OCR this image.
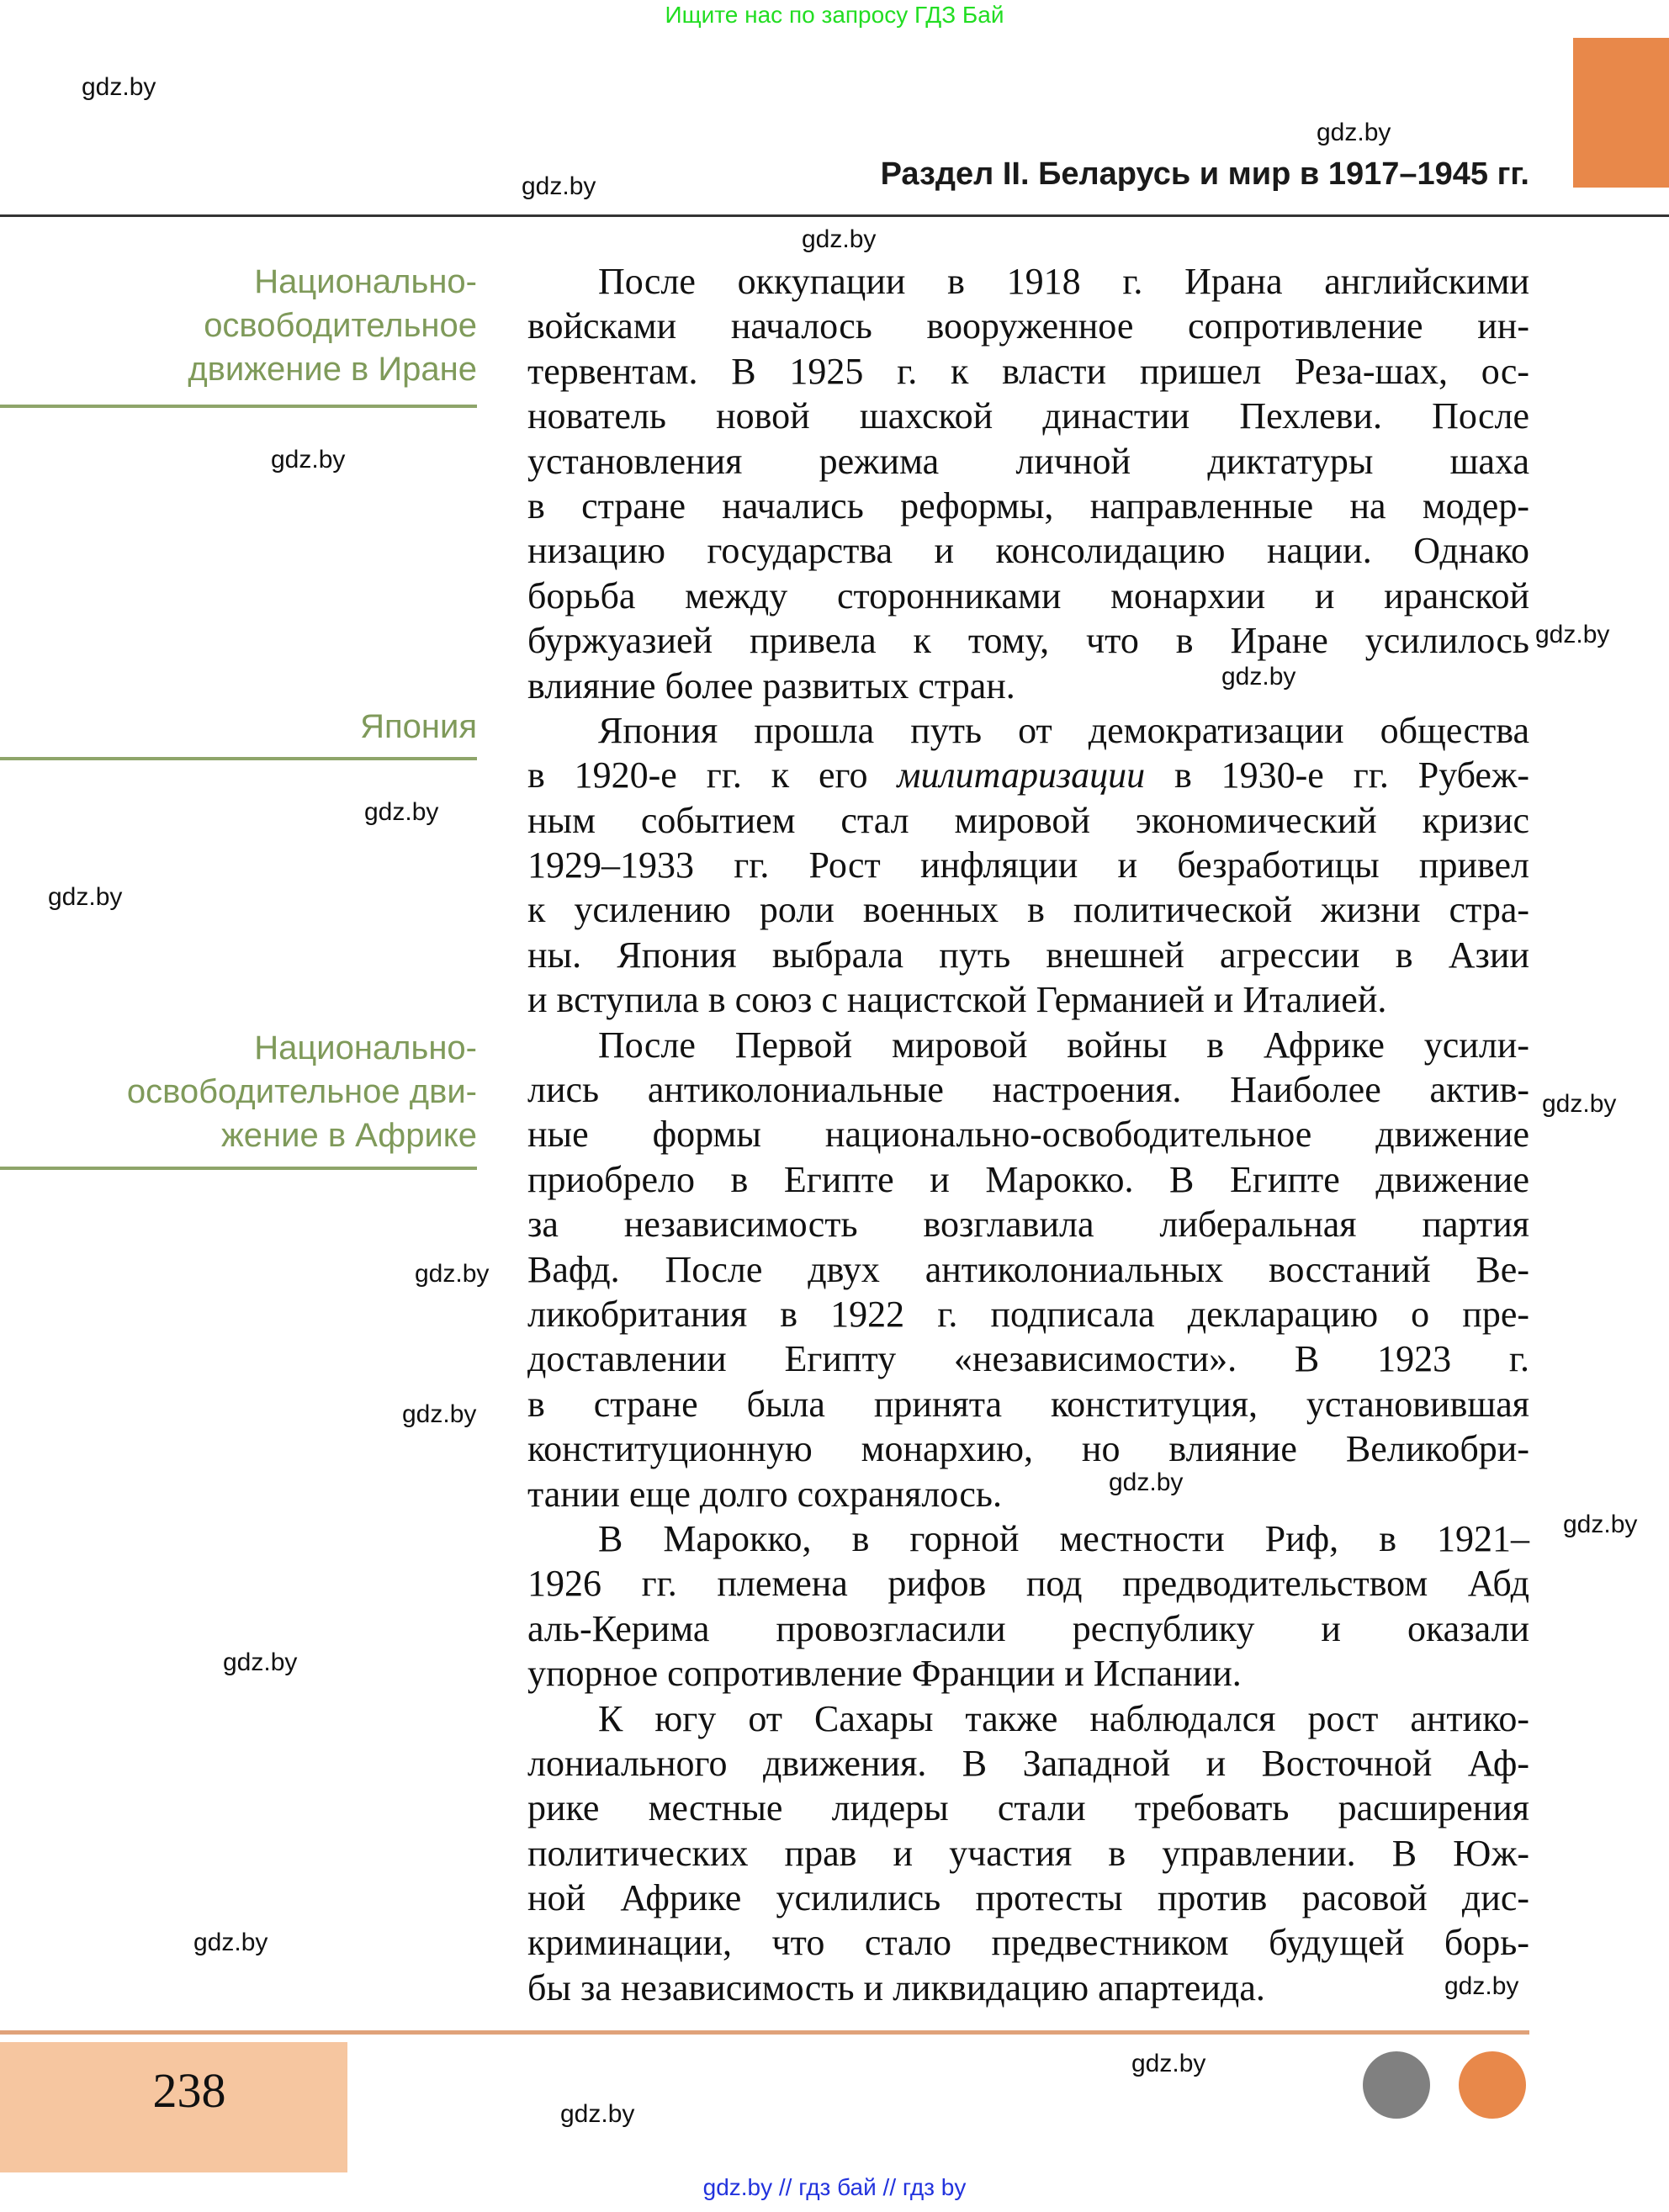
Ищите нас по запросу ГДЗ Бай
Раздел II. Беларусь и мир в 1917–1945 гг.
Национально-
освободительное
движение в Иране
Япония
Национально-
освободительное дви-
жение в Африке
После оккупации в 1918 г. Ирана английскими
войсками началось вооруженное сопротивление ин-
тервентам. В 1925 г. к власти пришел Реза-шах, ос-
нователь новой шахской династии Пехлеви. После
установления режима личной диктатуры шаха
в стране начались реформы, направленные на модер-
низацию государства и консолидацию нации. Однако
борьба между сторонниками монархии и иранской
буржуазией привела к тому, что в Иране усилилось
влияние более развитых стран.
Япония прошла путь от демократизации общества
в 1920-е гг. к его милитаризации в 1930-е гг. Рубеж-
ным событием стал мировой экономический кризис
1929–1933 гг. Рост инфляции и безработицы привел
к усилению роли военных в политической жизни стра-
ны. Япония выбрала путь внешней агрессии в Азии
и вступила в союз с нацистской Германией и Италией.
После Первой мировой войны в Африке усили-
лись антиколониальные настроения. Наиболее актив-
ные формы национально-освободительное движение
приобрело в Египте и Марокко. В Египте движение
за независимость возглавила либеральная партия
Вафд. После двух антиколониальных восстаний Ве-
ликобритания в 1922 г. подписала декларацию о пре-
доставлении Египту «независимости». В 1923 г.
в стране была принята конституция, установившая
конституционную монархию, но влияние Великобри-
тании еще долго сохранялось.
В Марокко, в горной местности Риф, в 1921–
1926 гг. племена рифов под предводительством Абд
аль-Керима провозгласили республику и оказали
упорное сопротивление Франции и Испании.
К югу от Сахары также наблюдался рост антико-
лониального движения. В Западной и Восточной Аф-
рике местные лидеры стали требовать расширения
политических прав и участия в управлении. В Юж-
ной Африке усилились протесты против расовой дис-
криминации, что стало предвестником будущей борь-
бы за независимость и ликвидацию апартеида.
238
gdz.by // гдз бай // гдз by
gdz.by
gdz.by
gdz.by
gdz.by
gdz.by
gdz.by
gdz.by
gdz.by
gdz.by
gdz.by
gdz.by
gdz.by
gdz.by
gdz.by
gdz.by
gdz.by
gdz.by
gdz.by
gdz.by
